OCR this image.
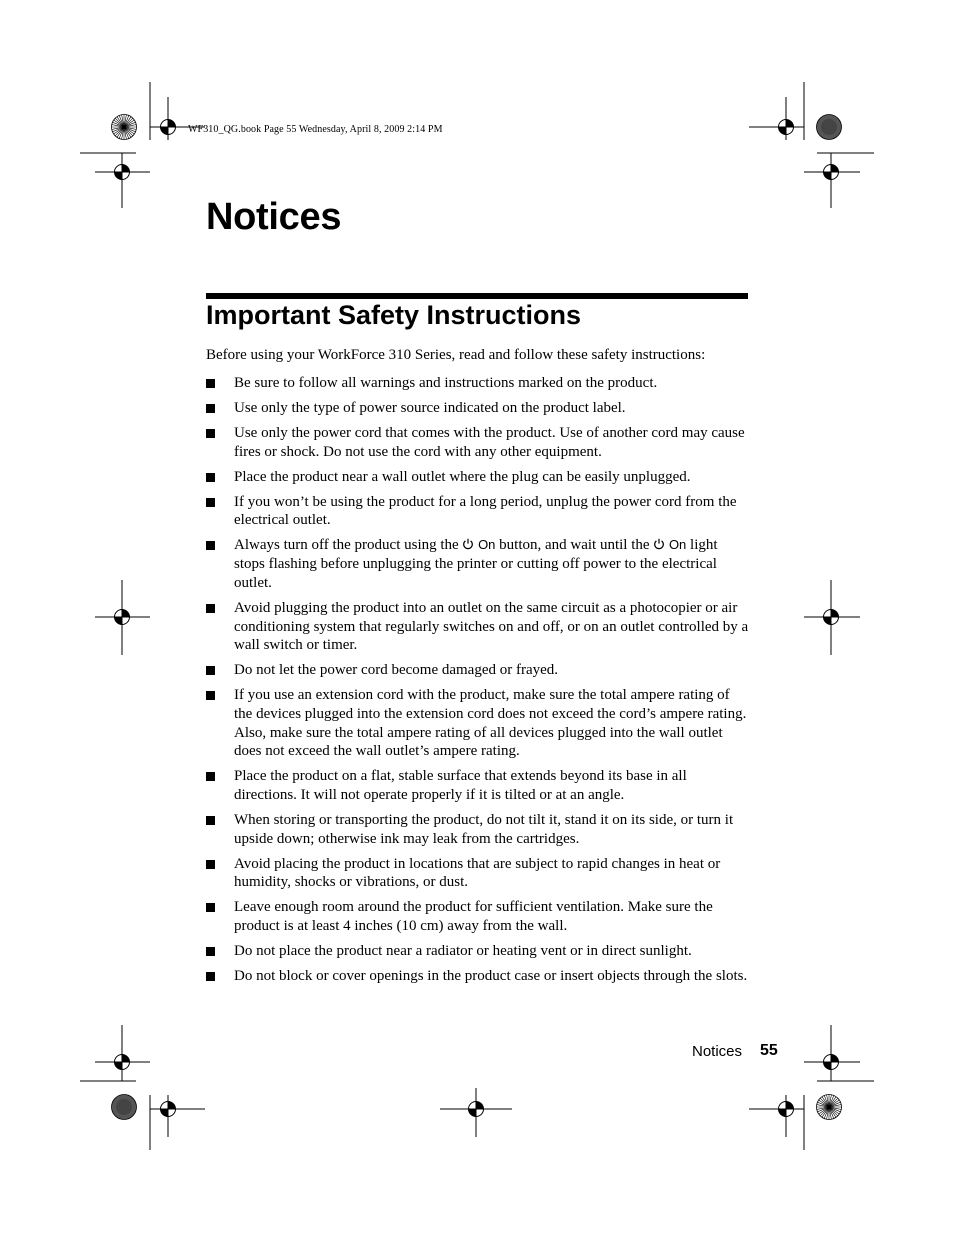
WF310_QG.book Page 55 Wednesday, April 8, 2009 2:14 PM
Notices
Important Safety Instructions

Before using your WorkForce 310 Series, read and follow these safety instructions:

Be sure to follow all warnings and instructions marked on the product.
Use only the type of power source indicated on the product label.
Use only the power cord that comes with the product. Use of another cord may cause fires or shock. Do not use the cord with any other equipment.
Place the product near a wall outlet where the plug can be easily unplugged.
If you won’t be using the product for a long period, unplug the power cord from the electrical outlet.
Always turn off the product using the On button, and wait until the On light stops flashing before unplugging the printer or cutting off power to the electrical outlet.
Avoid plugging the product into an outlet on the same circuit as a photocopier or air conditioning system that regularly switches on and off, or on an outlet controlled by a wall switch or timer.
Do not let the power cord become damaged or frayed.
If you use an extension cord with the product, make sure the total ampere rating of the devices plugged into the extension cord does not exceed the cord’s ampere rating. Also, make sure the total ampere rating of all devices plugged into the wall outlet does not exceed the wall outlet’s ampere rating.
Place the product on a flat, stable surface that extends beyond its base in all directions. It will not operate properly if it is tilted or at an angle.
When storing or transporting the product, do not tilt it, stand it on its side, or turn it upside down; otherwise ink may leak from the cartridges.
Avoid placing the product in locations that are subject to rapid changes in heat or humidity, shocks or vibrations, or dust.
Leave enough room around the product for sufficient ventilation. Make sure the product is at least 4 inches (10 cm) away from the wall.
Do not place the product near a radiator or heating vent or in direct sunlight.
Do not block or cover openings in the product case or insert objects through the slots.
Notices 55
